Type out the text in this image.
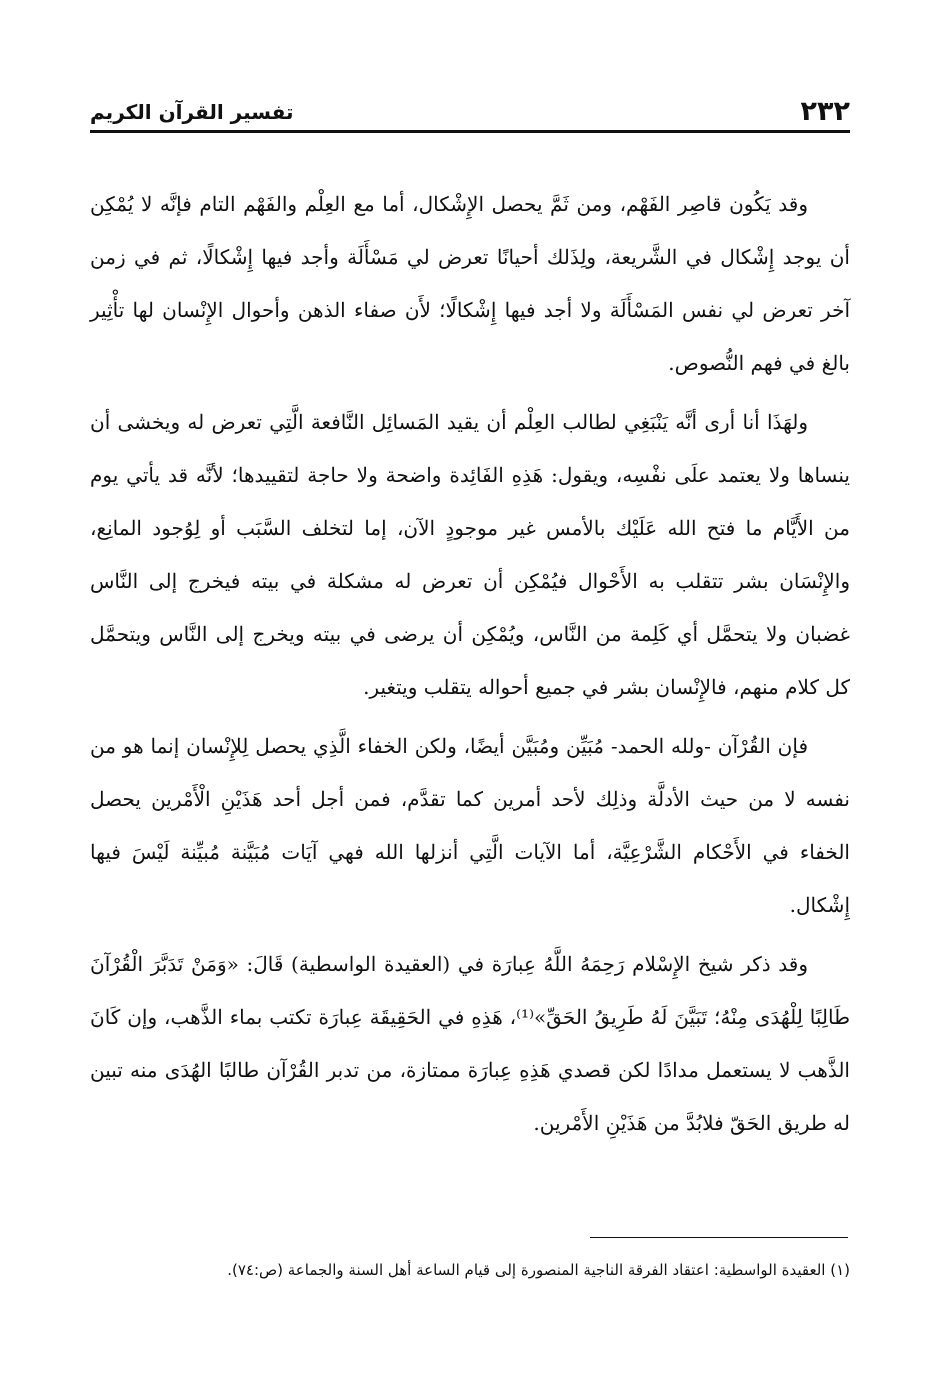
٢٣٢
تفسير القرآن الكريم

وقد يَكُون قاصِر الفَهْم، ومن ثَمَّ يحصل الإِشْكال، أما مع العِلْم والفَهْم التام فإنَّه لا يُمْكِن أن يوجد إِشْكال في الشَّريعة، ولِذَلك أحيانًا تعرض لي مَسْأَلَة وأجد فيها إِشْكالًا، ثم في زمن آخر تعرض لي نفس المَسْأَلَة ولا أجد فيها إِشْكالًا؛ لأَن صفاء الذهن وأحوال الإِنْسان لها تأْثِير بالغ في فهم النُّصوص.

ولهَذَا أنا أرى أنَّه يَنْبَغِي لطالب العِلْم أن يقيد المَسائِل النَّافعة الَّتِي تعرض له ويخشى أن ينساها ولا يعتمد علَى نفْسِه، ويقول: هَذِهِ الفَائِدة واضحة ولا حاجة لتقييدها؛ لأنَّه قد يأتي يوم من الأَيَّام ما فتح الله عَلَيْك بالأمس غير موجودٍ الآن، إما لتخلف السَّبَب أو لِوُجود المانِع، والإِنْسَان بشر تتقلب به الأَحْوال فيُمْكِن أن تعرض له مشكلة في بيته فيخرج إلى النَّاس غضبان ولا يتحمَّل أي كَلِمة من النَّاس، ويُمْكِن أن يرضى في بيته ويخرج إلى النَّاس ويتحمَّل كل كلام منهم، فالإِنْسان بشر في جميع أحواله يتقلب ويتغير.

فإن القُرْآن -ولله الحمد- مُبَيِّن ومُبَيَّن أيضًا، ولكن الخفاء الَّذِي يحصل لِلإِنْسان إنما هو من نفسه لا من حيث الأدلَّة وذلِك لأحد أمرين كما تقدَّم، فمن أجل أحد هَذَيْنِ الْأَمْرين يحصل الخفاء في الأَحْكام الشَّرْعِيَّة، أما الآيات الَّتِي أنزلها الله فهي آيَات مُبَيَّنة مُبيِّنة لَيْسَ فيها إِشْكال.

وقد ذكر شيخ الإِسْلام رَحِمَهُ اللَّهُ عِبارَة في (العقيدة الواسطية) قَالَ: «وَمَنْ تَدَبَّرَ الْقُرْآنَ طَالِبًا لِلْهُدَى مِنْهُ؛ تَبَيَّنَ لَهُ طَرِيقُ الحَقِّ»⁽¹⁾، هَذِهِ في الحَقِيقَة عِبارَة تكتب بماء الذَّهب، وإن كَانَ الذَّهب لا يستعمل مدادًا لكن قصدي هَذِهِ عِبارَة ممتازة، من تدبر القُرْآن طالبًا الهُدَى منه تبين له طريق الحَقّ فلابُدَّ من هَذَيْنِ الأَمْرين.

(١) العقيدة الواسطية: اعتقاد الفرقة الناجية المنصورة إلى قيام الساعة أهل السنة والجماعة (ص:٧٤).
